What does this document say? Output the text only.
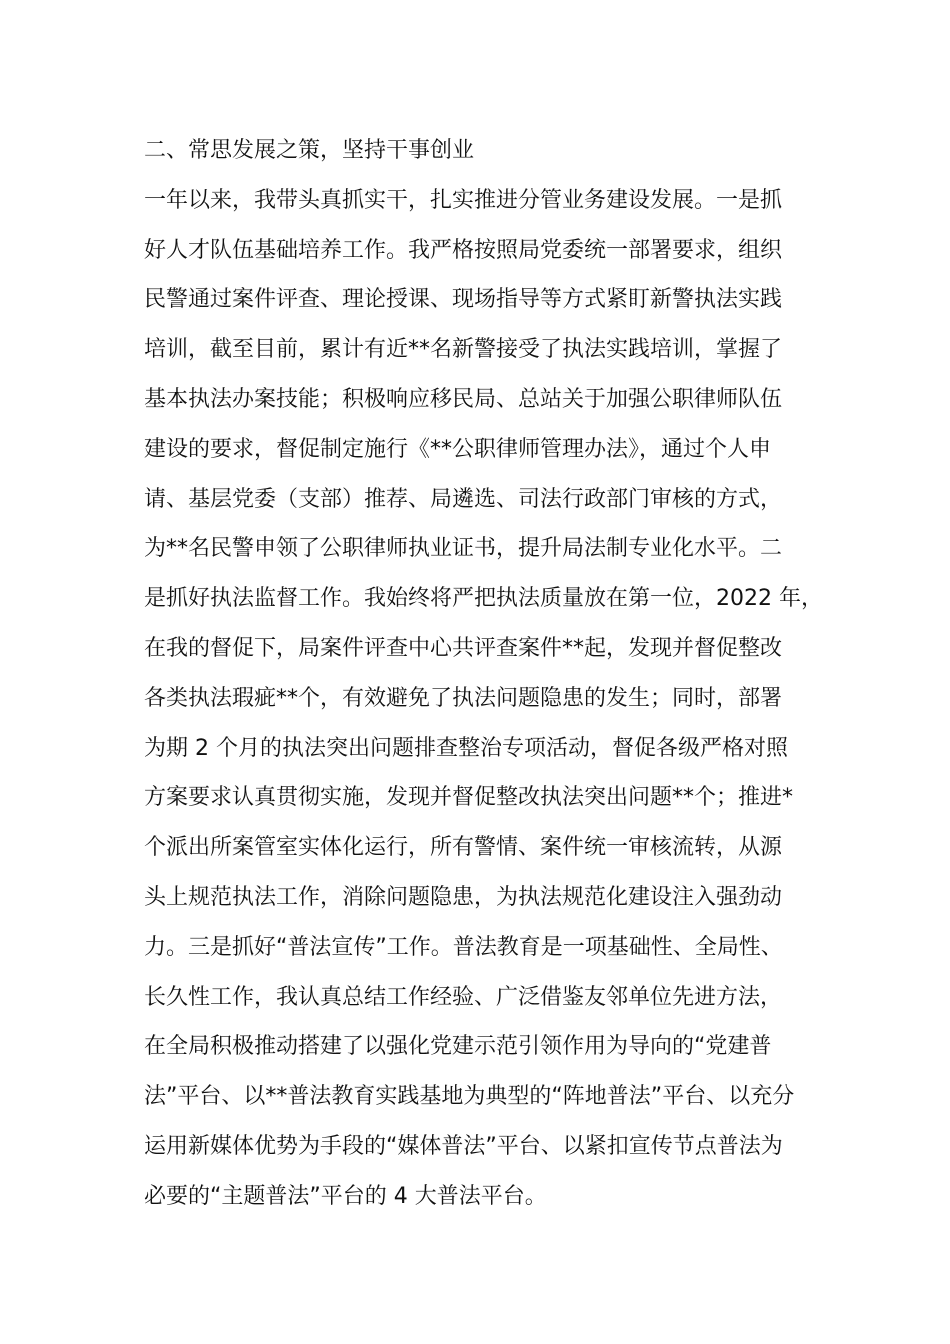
二、常思发展之策，坚持干事创业
一年以来，我带头真抓实干，扎实推进分管业务建设发展。一是抓
好人才队伍基础培养工作。我严格按照局党委统一部署要求，组织
民警通过案件评查、理论授课、现场指导等方式紧盯新警执法实践
培训，截至目前，累计有近**名新警接受了执法实践培训，掌握了
基本执法办案技能；积极响应移民局、总站关于加强公职律师队伍
建设的要求，督促制定施行《**公职律师管理办法》，通过个人申
请、基层党委（支部）推荐、局遴选、司法行政部门审核的方式，
为**名民警申领了公职律师执业证书，提升局法制专业化水平。二
是抓好执法监督工作。我始终将严把执法质量放在第一位，2022 年，
在我的督促下，局案件评查中心共评查案件**起，发现并督促整改
各类执法瑕疵**个，有效避免了执法问题隐患的发生；同时，部署
为期 2 个月的执法突出问题排查整治专项活动，督促各级严格对照
方案要求认真贯彻实施，发现并督促整改执法突出问题**个；推进*
个派出所案管室实体化运行，所有警情、案件统一审核流转，从源
头上规范执法工作，消除问题隐患，为执法规范化建设注入强劲动
力。三是抓好“普法宣传”工作。普法教育是一项基础性、全局性、
长久性工作，我认真总结工作经验、广泛借鉴友邻单位先进方法，
在全局积极推动搭建了以强化党建示范引领作用为导向的“党建普
法”平台、以**普法教育实践基地为典型的“阵地普法”平台、以充分
运用新媒体优势为手段的“媒体普法”平台、以紧扣宣传节点普法为
必要的“主题普法”平台的 4 大普法平台。
